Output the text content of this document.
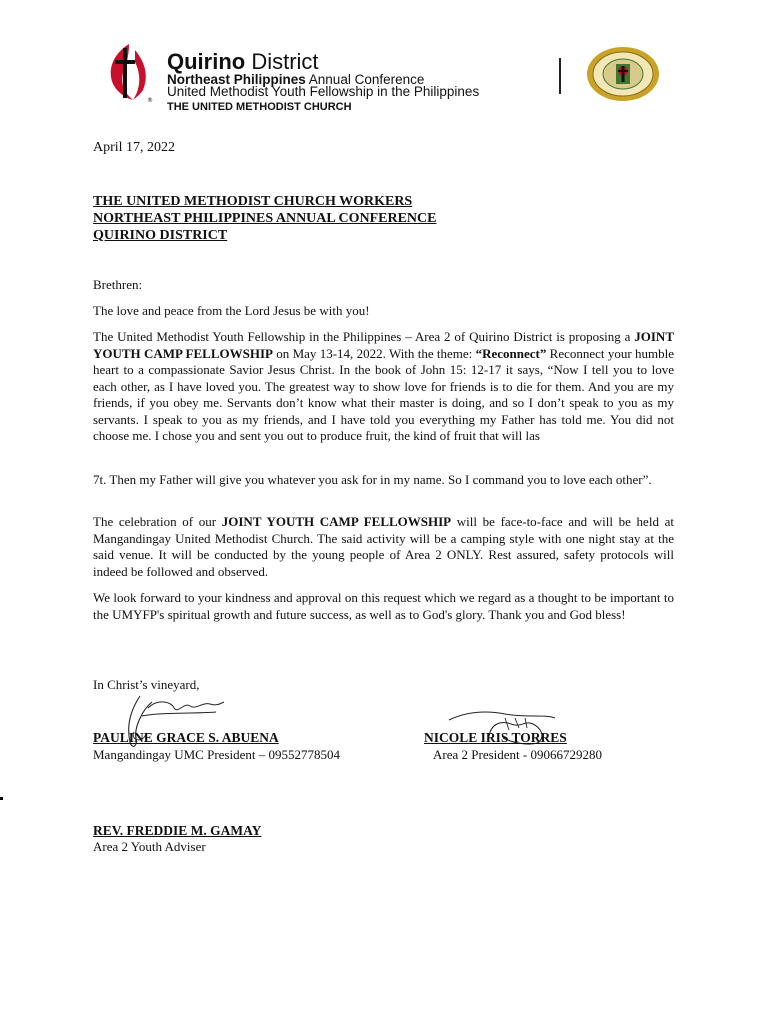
®
Quirino District
Northeast Philippines Annual Conference
United Methodist Youth Fellowship in the Philippines
THE UNITED METHODIST CHURCH
April 17, 2022
THE UNITED METHODIST CHURCH WORKERS
NORTHEAST PHILIPPINES ANNUAL CONFERENCE
QUIRINO DISTRICT
Brethren:
The love and peace from the Lord Jesus be with you!
The United Methodist Youth Fellowship in the Philippines – Area 2 of Quirino District is proposing a JOINT YOUTH CAMP FELLOWSHIP on May 13-14, 2022. With the theme: “Reconnect” Reconnect your humble heart to a compassionate Savior Jesus Christ. In the book of John 15: 12-17 it says, “Now I tell you to love each other, as I have loved you. The greatest way to show love for friends is to die for them. And you are my friends, if you obey me. Servants don’t know what their master is doing, and so I don’t speak to you as my servants. I speak to you as my friends, and I have told you everything my Father has told me. You did not choose me. I chose you and sent you out to produce fruit, the kind of fruit that will las
7t. Then my Father will give you whatever you ask for in my name. So I command you to love each other”.
The celebration of our JOINT YOUTH CAMP FELLOWSHIP will be face-to-face and will be held at Mangandingay United Methodist Church. The said activity will be a camping style with one night stay at the said venue. It will be conducted by the young people of Area 2 ONLY. Rest assured, safety protocols will indeed be followed and observed.
We look forward to your kindness and approval on this request which we regard as a thought to be important to the UMYFP's spiritual growth and future success, as well as to God's glory. Thank you and God bless!
In Christ’s vineyard,
PAULINE GRACE S. ABUENA
Mangandingay UMC President – 09552778504
NICOLE IRIS TORRES
Area 2 President - 09066729280
REV. FREDDIE M. GAMAY
Area 2 Youth Adviser
